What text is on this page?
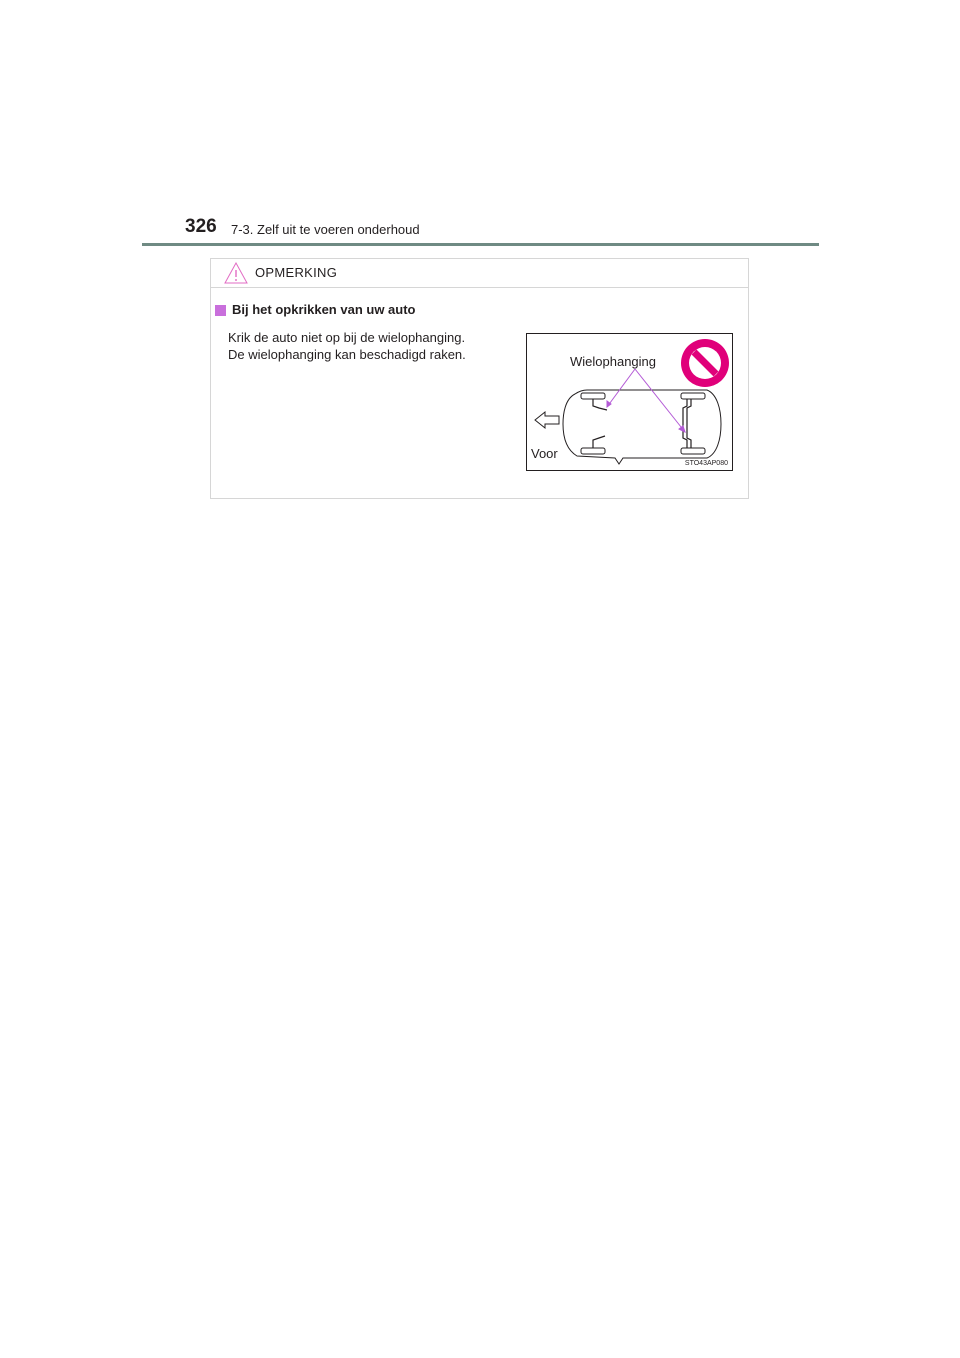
326 7-3. Zelf uit te voeren onderhoud
OPMERKING
Bij het opkrikken van uw auto

Krik de auto niet op bij de wielophanging.

De wielophanging kan beschadigd raken.	Wielophanging
Voor
STO43AP080
